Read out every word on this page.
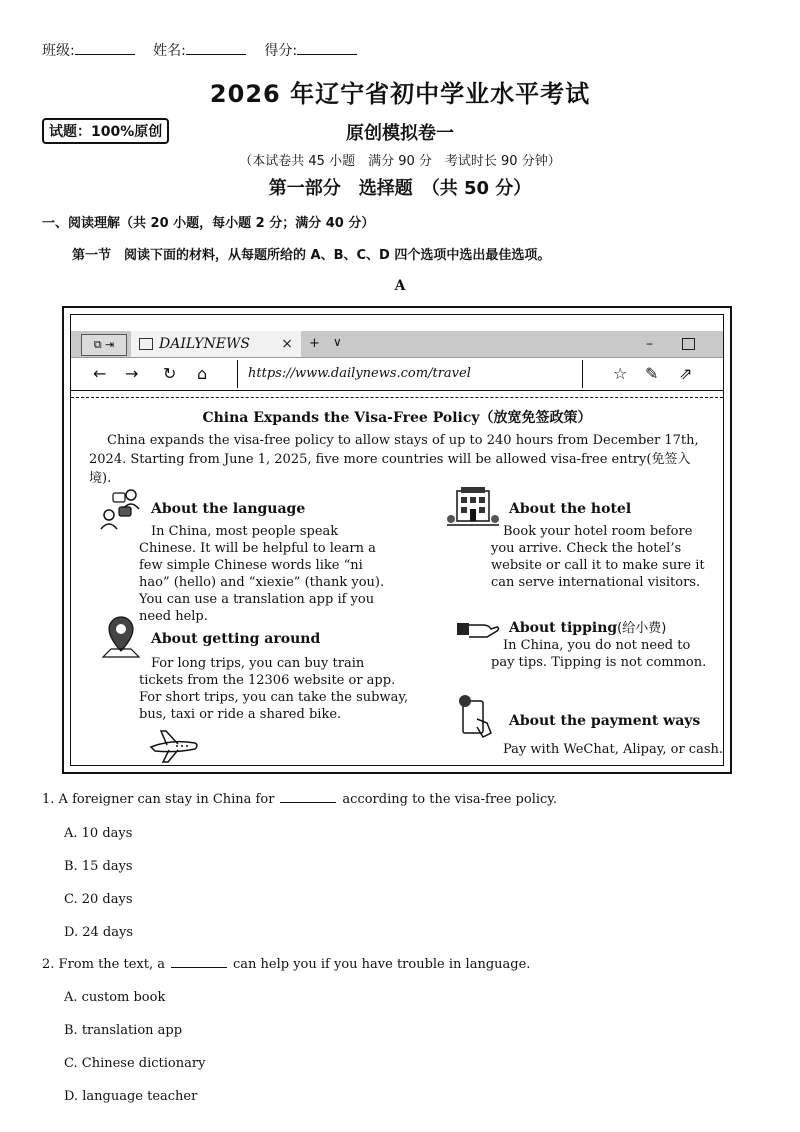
班级:	姓名:	得分:
2026 年辽宁省初中学业水平考试
试题：100%原创	原创模拟卷一
（本试卷共 45 小题　满分 90 分　考试时长 90 分钟）
第一部分　选择题　（共 50 分）
一、阅读理解（共 20 小题，每小题 2 分；满分 40 分）
第一节　阅读下面的材料，从每题所给的 A、B、C、D 四个选项中选出最佳选项。
A
⧉ ⇥	DAILYNEWS × + ∨	–
← → ↻ ⌂	https://www.dailynews.com/travel	☆ ✎ ⇗
China Expands the Visa-Free Policy（放宽免签政策）
China expands the visa-free policy to allow stays of up to 240 hours from December 17th, 2024. Starting from June 1, 2025, five more countries will be allowed visa-free entry(免签入境).
About the language
In China, most people speak Chinese. It will be helpful to learn a few simple Chinese words like “ni hao” (hello) and “xiexie” (thank you). You can use a translation app if you need help.
About the hotel
Book your hotel room before you arrive. Check the hotel’s website or call it to make sure it can serve international visitors.
About getting around
For long trips, you can buy train tickets from the 12306 website or app. For short trips, you can take the subway, bus, taxi or ride a shared bike.
About tipping(给小费)
In China, you do not need to pay tips. Tipping is not common.
About the payment ways
Pay with WeChat, Alipay, or cash.
1. A foreigner can stay in China for	according to the visa-free policy.
A. 10 days
B. 15 days
C. 20 days
D. 24 days
2. From the text, a	can help you if you have trouble in language.
A. custom book
B. translation app
C. Chinese dictionary
D. language teacher
